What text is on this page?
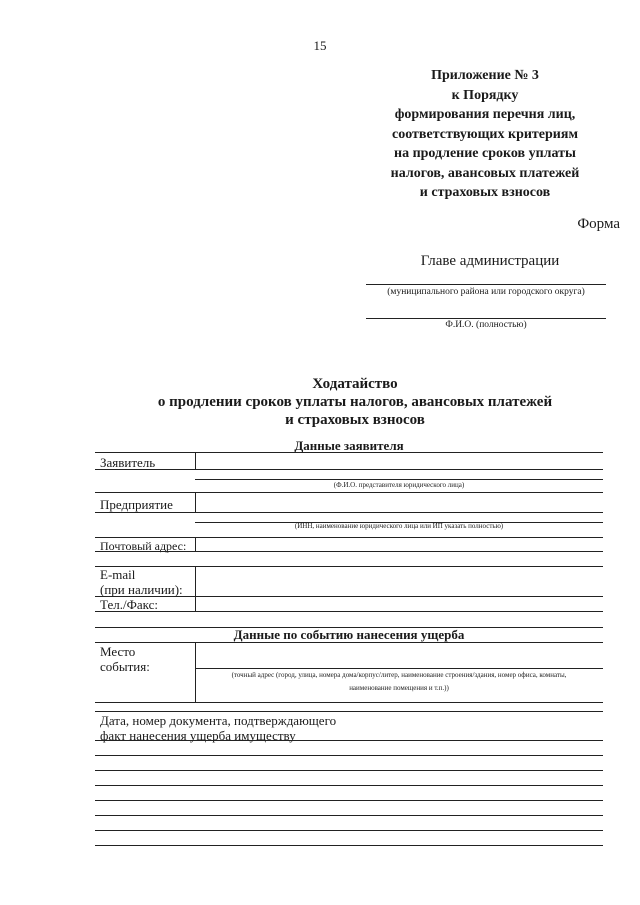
15
Приложение № 3
к Порядку
формирования перечня лиц,
соответствующих критериям
на продление сроков уплаты
налогов, авансовых платежей
и страховых взносов
Форма
Главе администрации
(муниципального района или городского округа)
Ф.И.О. (полностью)
Ходатайство
о продлении сроков уплаты налогов, авансовых платежей
и страховых взносов
Данные заявителя
Заявитель
(Ф.И.О. представителя юридического лица)
Предприятие
(ИНН, наименование юридического лица или ИП указать полностью)
Почтовый адрес:
E-mail
(при наличии):
Тел./Факс:
Данные по событию нанесения ущерба
Место
события:
(точный адрес (город, улица, номера дома/корпус/литер, наименование строения/здания, номер офиса, комнаты,
наименование помещения и т.п.))
Дата, номер документа, подтверждающего
факт нанесения ущерба имуществу
